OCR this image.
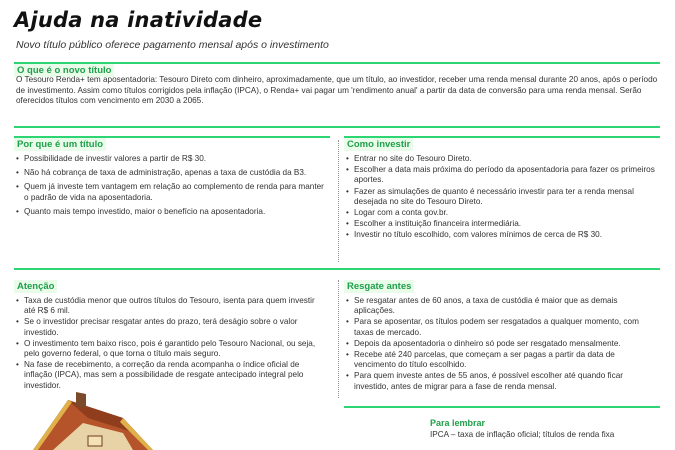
Ajuda na inatividade

Novo título público oferece pagamento mensal após o investimento

O que é o novo título

O Tesouro Renda+ tem aposentadoria: Tesouro Direto com dinheiro, aproximadamente, que um título, ao investidor, receber uma renda mensal durante 20 anos, após o período de investimento. Assim como títulos corrigidos pela inflação (IPCA), o Renda+ vai pagar um 'rendimento anual' a partir da data de conversão para uma renda mensal. Serão oferecidos títulos com vencimento em 2030 a 2065.

Por que é um título
• Possibilidade de investir valores a partir de R$ 30.
• Não há cobrança de taxa de administração, apenas a taxa de custódia da B3.
• Quem já investe tem vantagem em relação ao complemento de renda para manter o padrão de vida na aposentadoria.
• Quanto mais tempo investido, maior o benefício na aposentadoria.
Como investir
• Entrar no site do Tesouro Direto.
• Escolher a data mais próxima do período da aposentadoria para fazer os primeiros aportes.
• Fazer as simulações de quanto é necessário investir para ter a renda mensal desejada no site do Tesouro Direto.
• Logar com a conta gov.br.
• Escolher a instituição financeira intermediária.
• Investir no título escolhido, com valores mínimos de cerca de R$ 30.
Atenção
• Taxa de custódia menor que outros títulos do Tesouro, isenta para quem investir até R$ 6 mil.
• Se o investidor precisar resgatar antes do prazo, terá deságio sobre o valor investido.
• O investimento tem baixo risco, pois é garantido pelo Tesouro Nacional, ou seja, pelo governo federal, o que torna o título mais seguro.
• Na fase de recebimento, a correção da renda acompanha o índice oficial de inflação (IPCA), mas sem a possibilidade de resgate antecipado integral pelo investidor.
Resgate antes
• Se resgatar antes de 60 anos, a taxa de custódia é maior que as demais aplicações.
• Para se aposentar, os títulos podem ser resgatados a qualquer momento, com taxas de mercado.
• Depois da aposentadoria o dinheiro só pode ser resgatado mensalmente.
• Recebe até 240 parcelas, que começam a ser pagas a partir da data de vencimento do título escolhido.
• Para quem investe antes de 55 anos, é possível escolher até quando ficar investido, antes de migrar para a fase de renda mensal.

Para lembrar

IPCA – taxa de inflação oficial; títulos de renda fixa
